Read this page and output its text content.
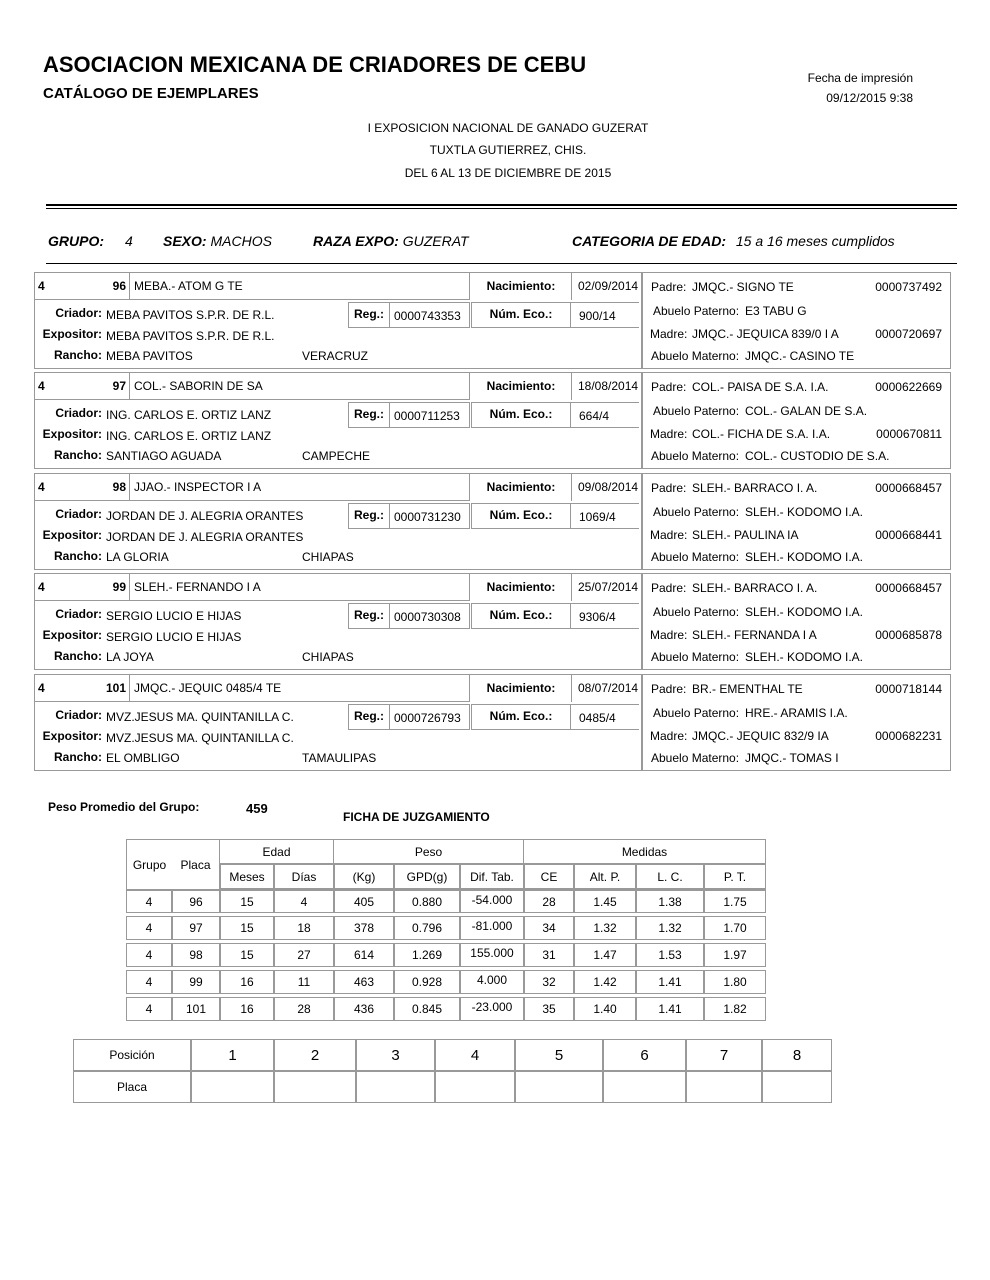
ASOCIACION MEXICANA DE CRIADORES DE CEBU
CATÁLOGO DE EJEMPLARES
Fecha de impresión
09/12/2015 9:38
I EXPOSICION NACIONAL DE GANADO GUZERAT
TUXTLA GUTIERREZ, CHIS.
DEL 6 AL 13 DE DICIEMBRE DE 2015
GRUPO: 4 SEXO: MACHOS	RAZA EXPO: GUZERAT	CATEGORIA DE EDAD: 15 a 16 meses cumplidos
4	96 MEBA.- ATOM G TE	Nacimiento:	02/09/2014
Criador: MEBA PAVITOS S.P.R. DE R.L.	Reg.: 0000743353	Núm. Eco.:	900/14
Expositor: MEBA PAVITOS S.P.R. DE R.L.
Rancho: MEBA PAVITOS	VERACRUZ
Padre: JMQC.- SIGNO TE	0000737492
Abuelo Paterno: E3 TABU G
Madre: JMQC.- JEQUICA 839/0 I A	0000720697
Abuelo Materno: JMQC.- CASINO TE
4	97 COL.- SABORIN DE SA	Nacimiento:	18/08/2014
Criador: ING. CARLOS E. ORTIZ LANZ	Reg.: 0000711253	Núm. Eco.:	664/4
Expositor: ING. CARLOS E. ORTIZ LANZ
Rancho: SANTIAGO AGUADA	CAMPECHE
Padre: COL.- PAISA DE S.A. I.A.	0000622669
Abuelo Paterno: COL.- GALAN DE S.A.
Madre: COL.- FICHA DE S.A. I.A.	0000670811
Abuelo Materno: COL.- CUSTODIO DE S.A.
4	98 JJAO.- INSPECTOR I A	Nacimiento:	09/08/2014
Criador: JORDAN DE J. ALEGRIA ORANTES	Reg.: 0000731230	Núm. Eco.:	1069/4
Expositor: JORDAN DE J. ALEGRIA ORANTES
Rancho: LA GLORIA	CHIAPAS
Padre: SLEH.- BARRACO I. A.	0000668457
Abuelo Paterno: SLEH.- KODOMO I.A.
Madre: SLEH.- PAULINA IA	0000668441
Abuelo Materno: SLEH.- KODOMO I.A.
4	99 SLEH.- FERNANDO I A	Nacimiento:	25/07/2014
Criador: SERGIO LUCIO E HIJAS	Reg.: 0000730308	Núm. Eco.:	9306/4
Expositor: SERGIO LUCIO E HIJAS
Rancho: LA JOYA	CHIAPAS
Padre: SLEH.- BARRACO I. A.	0000668457
Abuelo Paterno: SLEH.- KODOMO I.A.
Madre: SLEH.- FERNANDA I A	0000685878
Abuelo Materno: SLEH.- KODOMO I.A.
4	101 JMQC.- JEQUIC 0485/4 TE	Nacimiento:	08/07/2014
Criador: MVZ.JESUS MA. QUINTANILLA C.	Reg.: 0000726793	Núm. Eco.:	0485/4
Expositor: MVZ.JESUS MA. QUINTANILLA C.
Rancho: EL OMBLIGO	TAMAULIPAS
Padre: BR.- EMENTHAL TE	0000718144
Abuelo Paterno: HRE.- ARAMIS I.A.
Madre: JMQC.- JEQUIC 832/9 IA	0000682231
Abuelo Materno: JMQC.- TOMAS I
Peso Promedio del Grupo:	459
FICHA DE JUZGAMIENTO
Grupo	Placa	Edad		Peso			Medidas			
		Meses	Días	(Kg)	GPD(g)	Dif. Tab.	CE	Alt. P.	L. C.	P. T.
4	96	15	4	405	0.880	-54.000	28	1.45	1.38	1.75

4	97	15	18	378	0.796	-81.000	34	1.32	1.32	1.70

4	98	15	27	614	1.269	155.000	31	1.47	1.53	1.97

4	99	16	11	463	0.928	4.000	32	1.42	1.41	1.80

4	101	16	28	436	0.845	-23.000	35	1.40	1.41	1.82
Posición	1	2	3	4	5	6	7	8
Placa								
